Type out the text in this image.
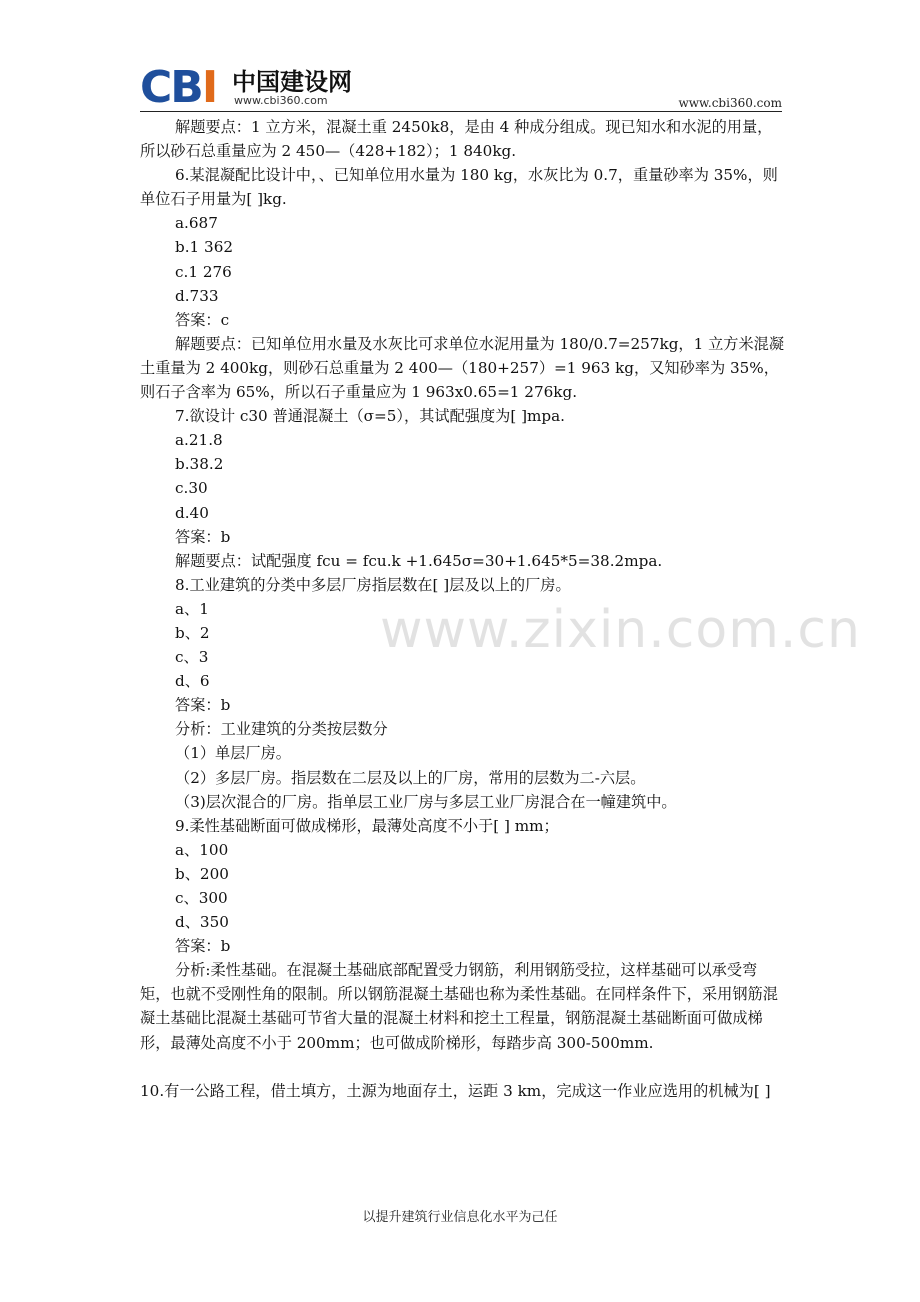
CBI 中国建设网
www.cbi360.com	www.cbi360.com
www.zixin.com.cn

解题要点：1 立方米，混凝土重 2450k8，是由 4 种成分组成。现已知水和水泥的用量，所以砂石总重量应为 2 450—（428+182）；1 840kg.

6.某混凝配比设计中，、已知单位用水量为 180 kg，水灰比为 0.7，重量砂率为 35%，则单位石子用量为[ ]kg.

a.687

b.1 362

c.1 276

d.733

答案：c

解题要点：已知单位用水量及水灰比可求单位水泥用量为 180/0.7=257kg，1 立方米混凝土重量为 2 400kg，则砂石总重量为 2 400—（180+257）=1 963 kg，又知砂率为 35%，则石子含率为 65%，所以石子重量应为 1 963x0.65=1 276kg.

7.欲设计 c30 普通混凝土（σ=5），其试配强度为[ ]mpa.

a.21.8

b.38.2

c.30

d.40

答案：b

解题要点：试配强度 fcu = fcu.k +1.645σ=30+1.645*5=38.2mpa.

8.工业建筑的分类中多层厂房指层数在[ ]层及以上的厂房。

a、1

b、2

c、3

d、6

答案：b

分析：工业建筑的分类按层数分

（1）单层厂房。

（2）多层厂房。指层数在二层及以上的厂房，常用的层数为二-六层。

（3)层次混合的厂房。指单层工业厂房与多层工业厂房混合在一幢建筑中。

9.柔性基础断面可做成梯形，最薄处高度不小于[ ] mm；

a、100

b、200

c、300

d、350

答案：b

分析:柔性基础。在混凝土基础底部配置受力钢筋，利用钢筋受拉，这样基础可以承受弯矩，也就不受刚性角的限制。所以钢筋混凝土基础也称为柔性基础。在同样条件下，采用钢筋混凝土基础比混凝土基础可节省大量的混凝土材料和挖土工程量，钢筋混凝土基础断面可做成梯形，最薄处高度不小于 200mm；也可做成阶梯形，每踏步高 300-500mm.

10.有一公路工程，借土填方，土源为地面存土，运距 3 km，完成这一作业应选用的机械为[ ]

以提升建筑行业信息化水平为己任
